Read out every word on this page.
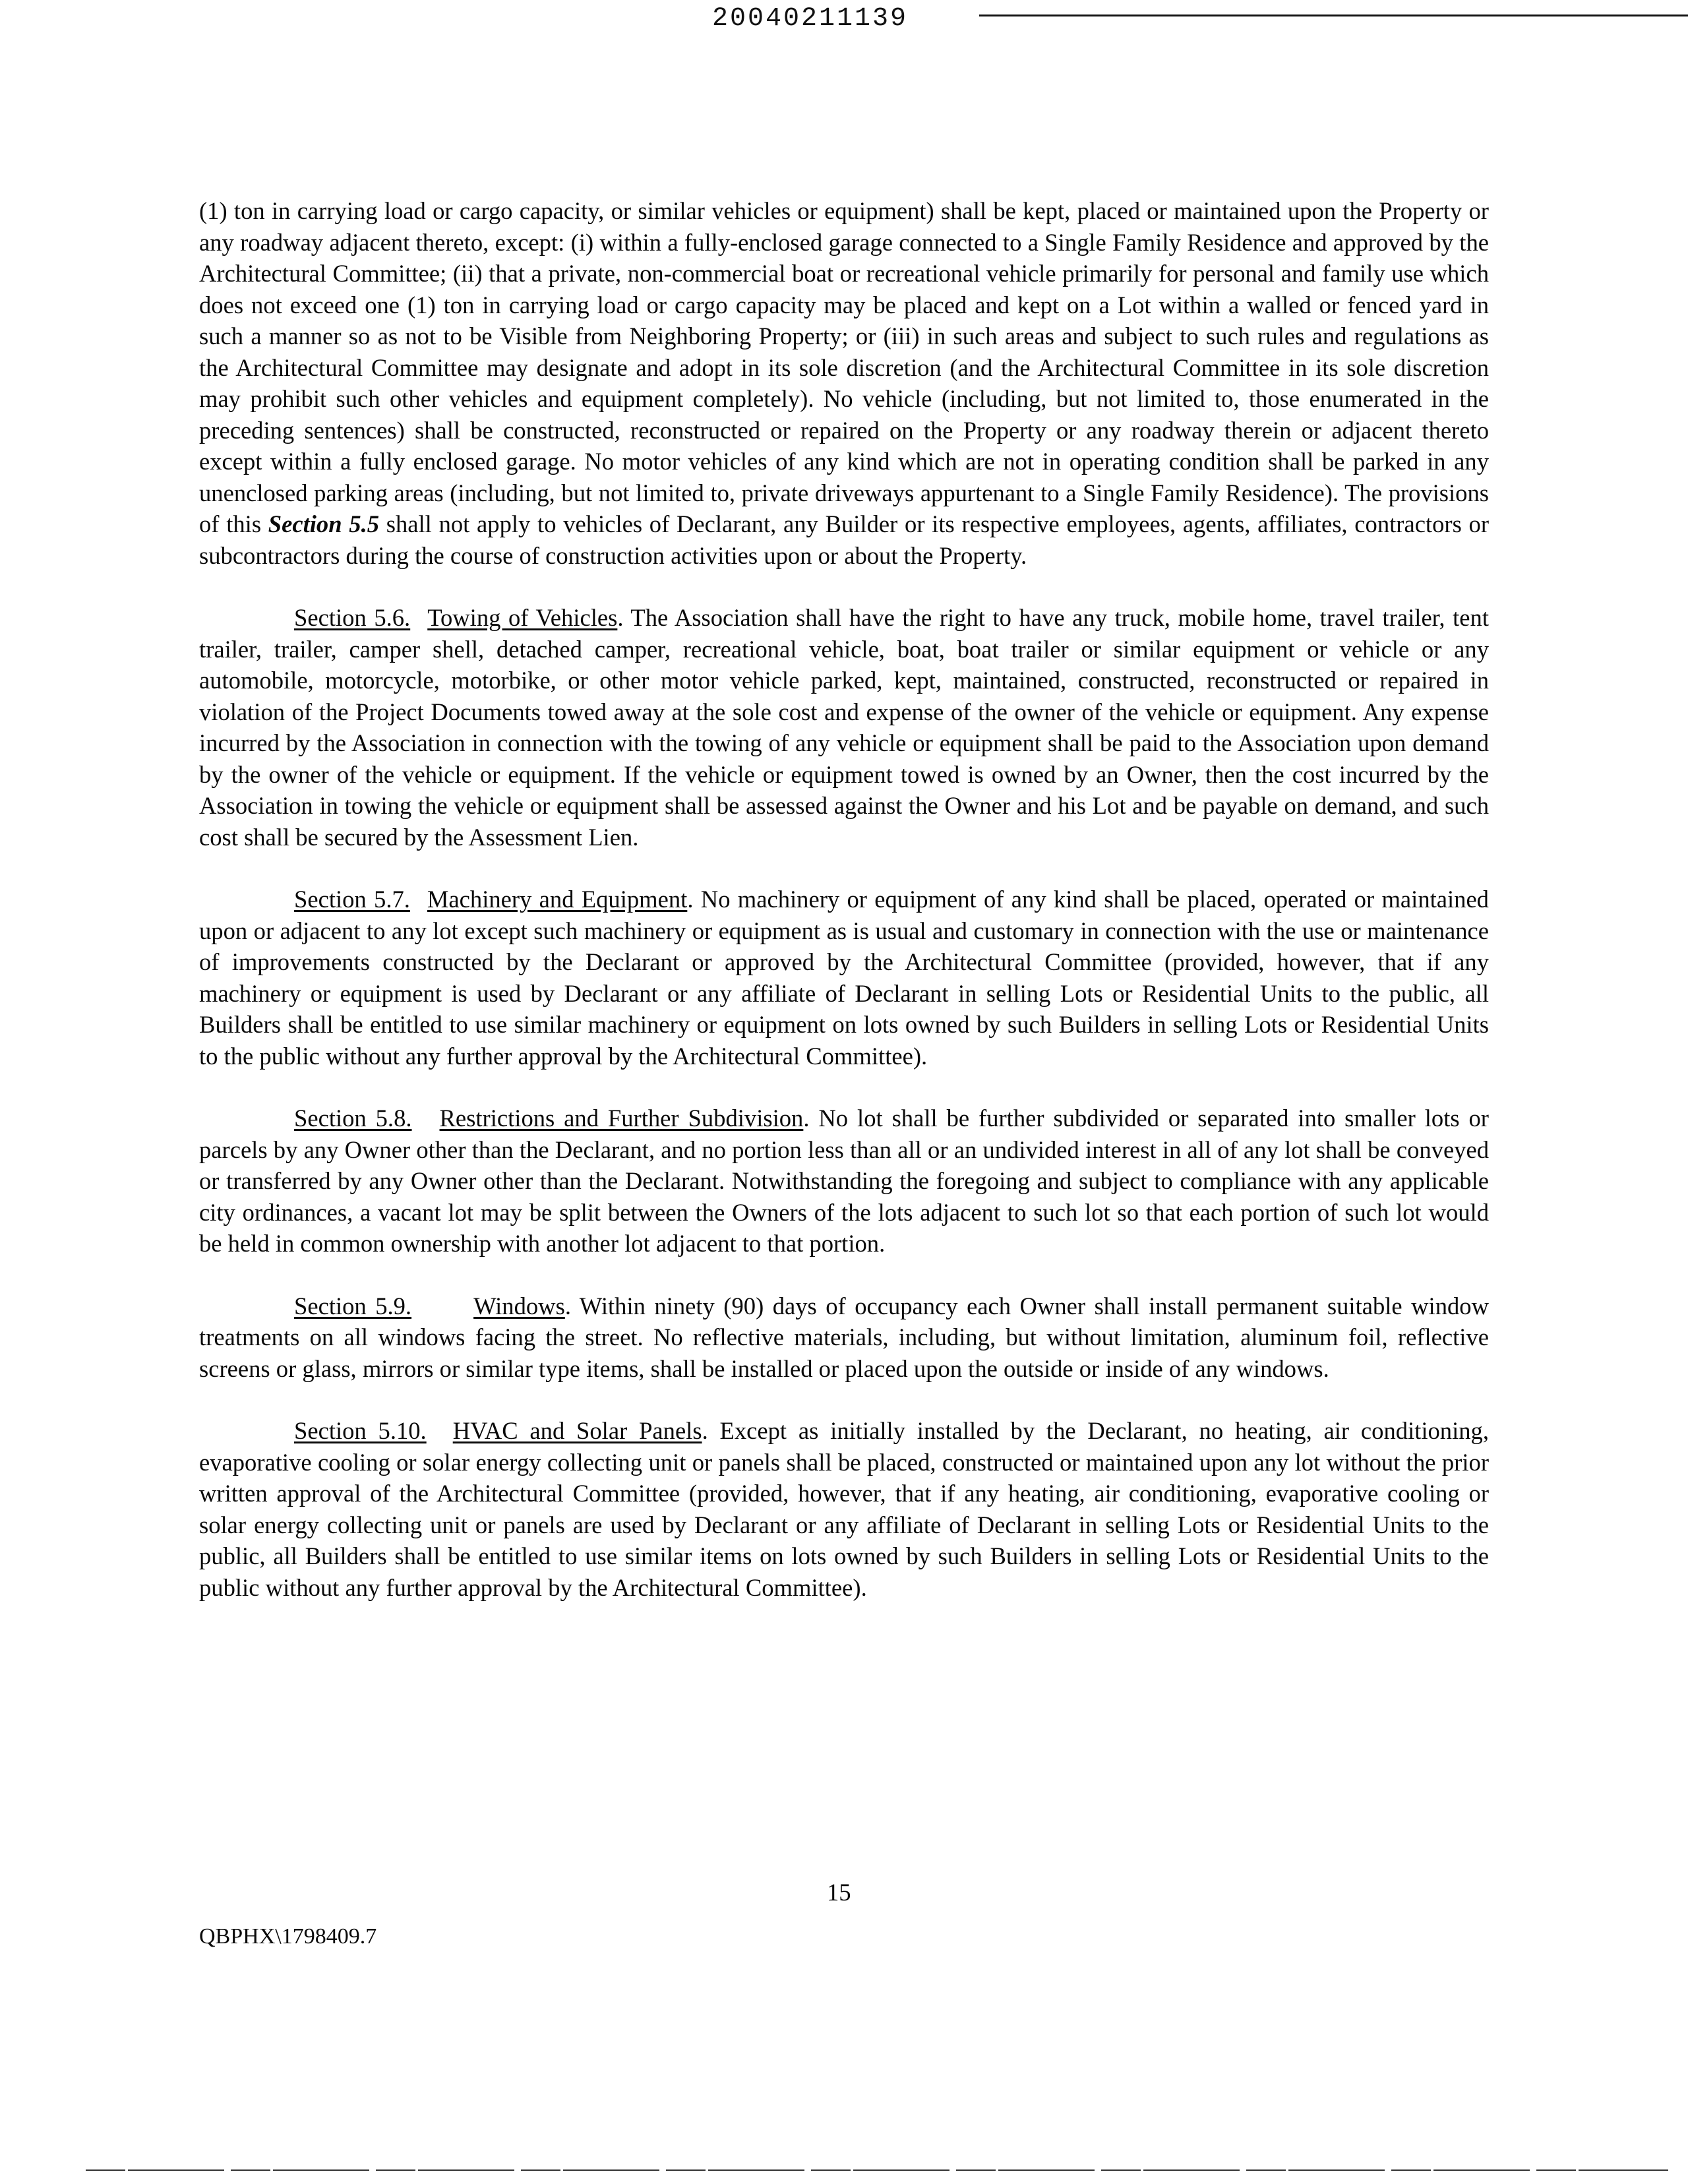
20040211139

(1) ton in carrying load or cargo capacity, or similar vehicles or equipment) shall be kept, placed or maintained upon the Property or any roadway adjacent thereto, except: (i) within a fully-enclosed garage connected to a Single Family Residence and approved by the Architectural Committee; (ii) that a private, non-commercial boat or recreational vehicle primarily for personal and family use which does not exceed one (1) ton in carrying load or cargo capacity may be placed and kept on a Lot within a walled or fenced yard in such a manner so as not to be Visible from Neighboring Property; or (iii) in such areas and subject to such rules and regulations as the Architectural Committee may designate and adopt in its sole discretion (and the Architectural Committee in its sole discretion may prohibit such other vehicles and equipment completely). No vehicle (including, but not limited to, those enumerated in the preceding sentences) shall be constructed, reconstructed or repaired on the Property or any roadway therein or adjacent thereto except within a fully enclosed garage. No motor vehicles of any kind which are not in operating condition shall be parked in any unenclosed parking areas (including, but not limited to, private driveways appurtenant to a Single Family Residence). The provisions of this Section 5.5 shall not apply to vehicles of Declarant, any Builder or its respective employees, agents, affiliates, contractors or subcontractors during the course of construction activities upon or about the Property.

Section 5.6. Towing of Vehicles. The Association shall have the right to have any truck, mobile home, travel trailer, tent trailer, trailer, camper shell, detached camper, recreational vehicle, boat, boat trailer or similar equipment or vehicle or any automobile, motorcycle, motorbike, or other motor vehicle parked, kept, maintained, constructed, reconstructed or repaired in violation of the Project Documents towed away at the sole cost and expense of the owner of the vehicle or equipment. Any expense incurred by the Association in connection with the towing of any vehicle or equipment shall be paid to the Association upon demand by the owner of the vehicle or equipment. If the vehicle or equipment towed is owned by an Owner, then the cost incurred by the Association in towing the vehicle or equipment shall be assessed against the Owner and his Lot and be payable on demand, and such cost shall be secured by the Assessment Lien.

Section 5.7. Machinery and Equipment. No machinery or equipment of any kind shall be placed, operated or maintained upon or adjacent to any lot except such machinery or equipment as is usual and customary in connection with the use or maintenance of improvements constructed by the Declarant or approved by the Architectural Committee (provided, however, that if any machinery or equipment is used by Declarant or any affiliate of Declarant in selling Lots or Residential Units to the public, all Builders shall be entitled to use similar machinery or equipment on lots owned by such Builders in selling Lots or Residential Units to the public without any further approval by the Architectural Committee).

Section 5.8. Restrictions and Further Subdivision. No lot shall be further subdivided or separated into smaller lots or parcels by any Owner other than the Declarant, and no portion less than all or an undivided interest in all of any lot shall be conveyed or transferred by any Owner other than the Declarant. Notwithstanding the foregoing and subject to compliance with any applicable city ordinances, a vacant lot may be split between the Owners of the lots adjacent to such lot so that each portion of such lot would be held in common ownership with another lot adjacent to that portion.

Section 5.9.	Windows. Within ninety (90) days of occupancy each Owner shall install permanent suitable window treatments on all windows facing the street. No reflective materials, including, but without limitation, aluminum foil, reflective screens or glass, mirrors or similar type items, shall be installed or placed upon the outside or inside of any windows.

Section 5.10. HVAC and Solar Panels. Except as initially installed by the Declarant, no heating, air conditioning, evaporative cooling or solar energy collecting unit or panels shall be placed, constructed or maintained upon any lot without the prior written approval of the Architectural Committee (provided, however, that if any heating, air conditioning, evaporative cooling or solar energy collecting unit or panels are used by Declarant or any affiliate of Declarant in selling Lots or Residential Units to the public, all Builders shall be entitled to use similar items on lots owned by such Builders in selling Lots or Residential Units to the public without any further approval by the Architectural Committee).

15
QBPHX\1798409.7
